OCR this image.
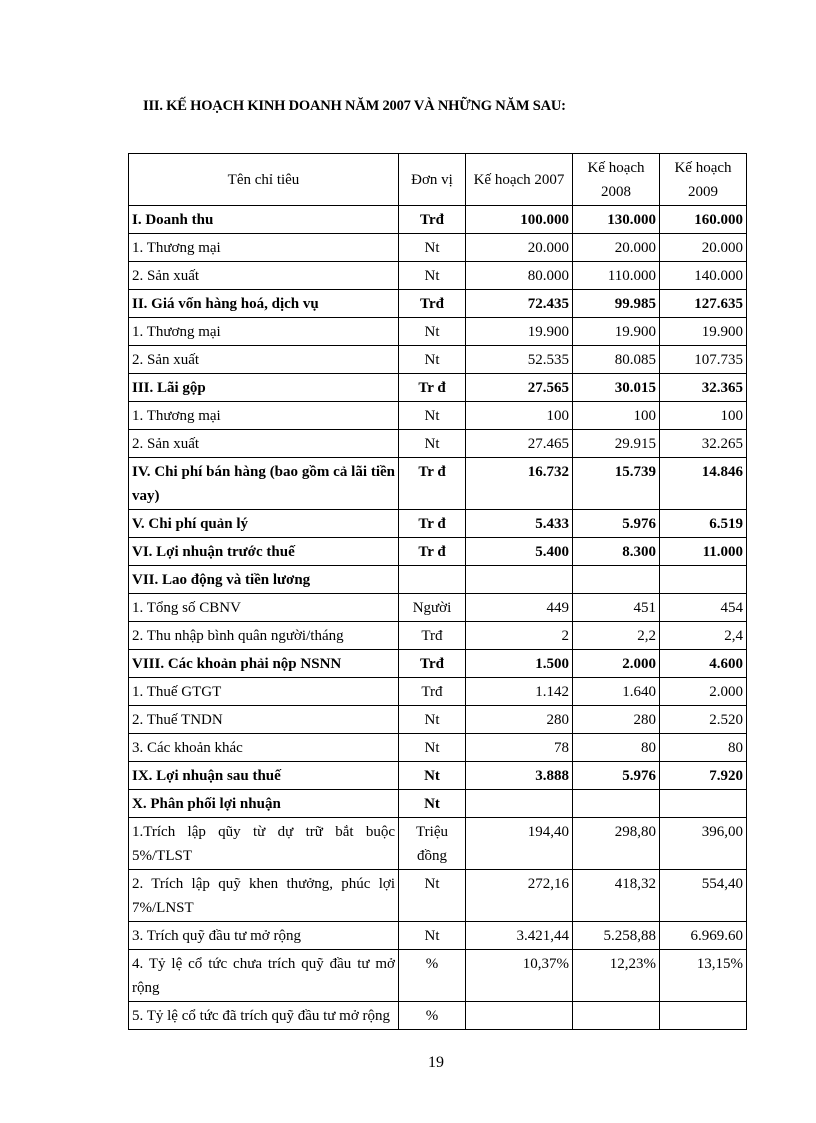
III. KẾ HOẠCH KINH DOANH NĂM 2007 VÀ NHỮNG NĂM SAU:
Tên chỉ tiêu	Đơn vị	Kế hoạch 2007	Kế hoạch 2008	Kế hoạch 2009
I. Doanh thu	Trđ	100.000	130.000	160.000
1. Thương mại	Nt	20.000	20.000	20.000
2. Sản xuất	Nt	80.000	110.000	140.000
II. Giá vốn hàng hoá, dịch vụ	Trđ	72.435	99.985	127.635
1. Thương mại	Nt	19.900	19.900	19.900
2. Sản xuất	Nt	52.535	80.085	107.735
III. Lãi gộp	Tr đ	27.565	30.015	32.365
1. Thương mại	Nt	100	100	100
2. Sản xuất	Nt	27.465	29.915	32.265
IV. Chi phí bán hàng (bao gồm cả lãi tiền vay)	Tr đ	16.732	15.739	14.846
V. Chi phí quản lý	Tr đ	5.433	5.976	6.519
VI. Lợi nhuận trước thuế	Tr đ	5.400	8.300	11.000
VII. Lao động và tiền lương				
1. Tổng số CBNV	Người	449	451	454
2. Thu nhập bình quân người/tháng	Trđ	2	2,2	2,4
VIII. Các khoản phải nộp NSNN	Trđ	1.500	2.000	4.600
1. Thuế GTGT	Trđ	1.142	1.640	2.000
2. Thuế TNDN	Nt	280	280	2.520
3. Các khoản khác	Nt	78	80	80
IX. Lợi nhuận sau thuế	Nt	3.888	5.976	7.920
X. Phân phối lợi nhuận	Nt			
1.Trích lập qũy từ dự trữ bắt buộc 5%/TLST	Triệu đồng	194,40	298,80	396,00
2. Trích lập quỹ khen thưởng, phúc lợi 7%/LNST	Nt	272,16	418,32	554,40
3. Trích quỹ đầu tư mở rộng	Nt	3.421,44	5.258,88	6.969.60
4. Tỷ lệ cổ tức chưa trích quỹ đầu tư mở rộng	%	10,37%	12,23%	13,15%
5. Tỷ lệ cổ tức đã trích quỹ đầu tư mở rộng	%			
19
